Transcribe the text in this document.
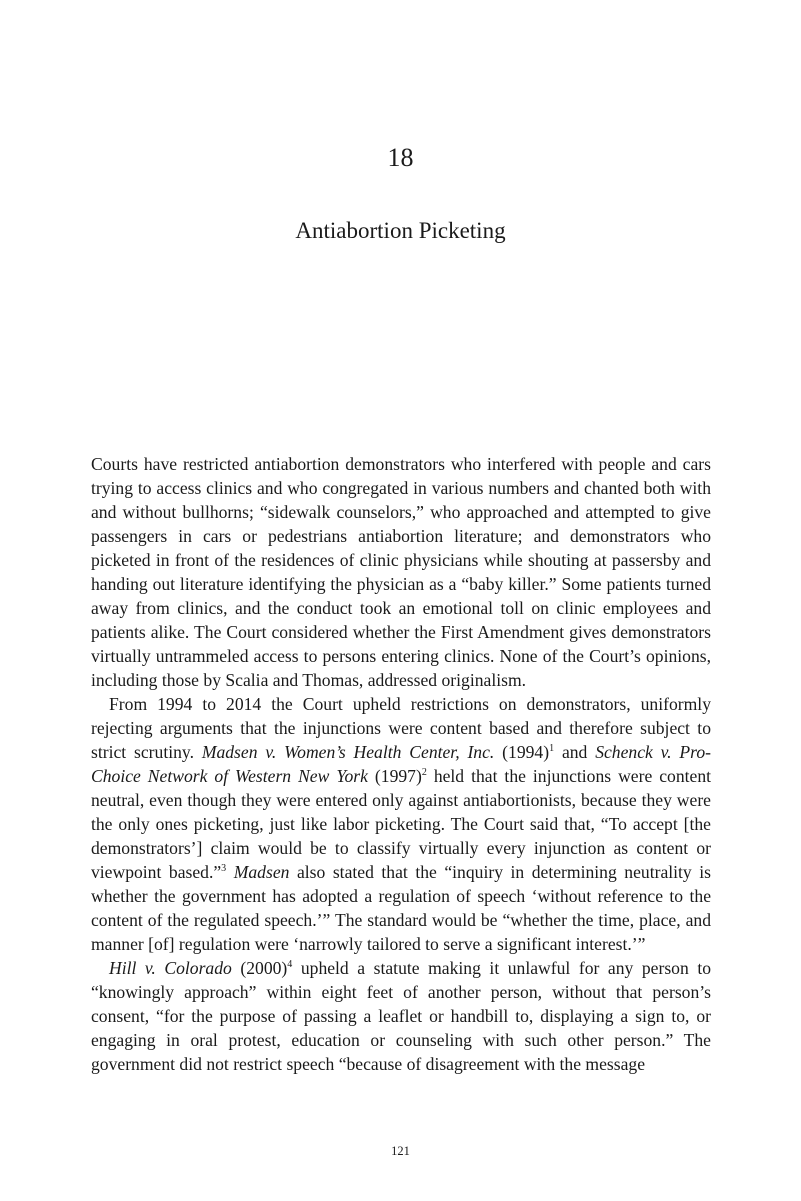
18
Antiabortion Picketing

Courts have restricted antiabortion demonstrators who interfered with people and cars trying to access clinics and who congregated in various numbers and chanted both with and without bullhorns; “sidewalk counselors,” who approached and attempted to give passengers in cars or pedestrians antiabortion literature; and demonstrators who picketed in front of the residences of clinic physicians while shouting at passersby and handing out literature identifying the physician as a “baby killer.” Some patients turned away from clinics, and the conduct took an emotional toll on clinic employees and patients alike. The Court considered whether the First Amendment gives demonstrators virtually untrammeled access to persons entering clinics. None of the Court’s opinions, including those by Scalia and Thomas, addressed originalism.

From 1994 to 2014 the Court upheld restrictions on demonstrators, uniformly rejecting arguments that the injunctions were content based and therefore subject to strict scrutiny. Madsen v. Women’s Health Center, Inc. $(1994)^1$ and Schenck v. Pro-Choice Network of Western New York $(1997)^2$ held that the injunctions were content neutral, even though they were entered only against antiabortionists, because they were the only ones picketing, just like labor picketing. The Court said that, “To accept [the demonstrators’] claim would be to classify virtually every injunction as content or viewpoint based.”$^3$ Madsen also stated that the “inquiry in determining neutrality is whether the government has adopted a regulation of speech ‘without reference to the content of the regulated speech.’” The standard would be “whether the time, place, and manner [of] regulation were ‘narrowly tailored to serve a significant interest.’”

Hill v. Colorado $(2000)^4$ upheld a statute making it unlawful for any person to “knowingly approach” within eight feet of another person, without that person’s consent, “for the purpose of passing a leaflet or handbill to, displaying a sign to, or engaging in oral protest, education or counseling with such other person.” The government did not restrict speech “because of disagreement with the message

121
